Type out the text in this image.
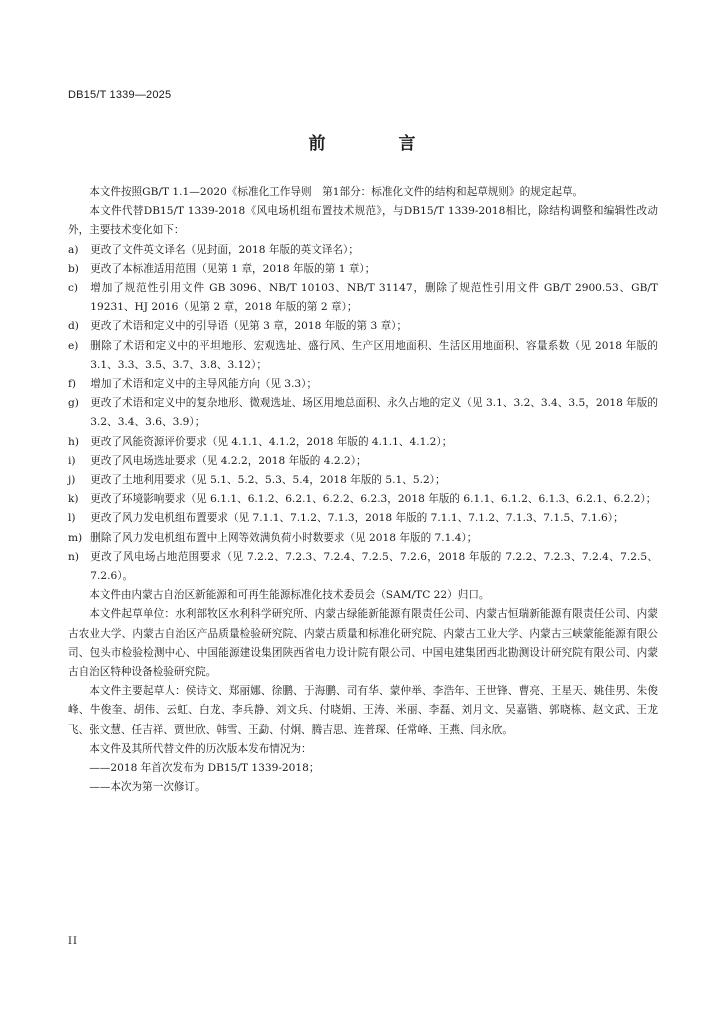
DB15/T 1339—2025
前　言

本文件按照GB/T 1.1—2020《标准化工作导则　第1部分：标准化文件的结构和起草规则》的规定起草。

本文件代替DB15/T 1339-2018《风电场机组布置技术规范》，与DB15/T 1339-2018相比，除结构调整和编辑性改动外，主要技术变化如下：

a) 更改了文件英文译名（见封面，2018 年版的英文译名）；

b) 更改了本标准适用范围（见第 1 章，2018 年版的第 1 章）；

c) 增加了规范性引用文件 GB 3096、NB/T 10103、NB/T 31147，删除了规范性引用文件 GB/T 2900.53、GB/T 19231、HJ 2016（见第 2 章，2018 年版的第 2 章）；

d) 更改了术语和定义中的引导语（见第 3 章，2018 年版的第 3 章）；

e) 删除了术语和定义中的平坦地形、宏观选址、盛行风、生产区用地面积、生活区用地面积、容量系数（见 2018 年版的 3.1、3.3、3.5、3.7、3.8、3.12）；

f) 增加了术语和定义中的主导风能方向（见 3.3）；

g) 更改了术语和定义中的复杂地形、微观选址、场区用地总面积、永久占地的定义（见 3.1、3.2、3.4、3.5，2018 年版的 3.2、3.4、3.6、3.9）；

h) 更改了风能资源评价要求（见 4.1.1、4.1.2，2018 年版的 4.1.1、4.1.2）；

i) 更改了风电场选址要求（见 4.2.2，2018 年版的 4.2.2）；

j) 更改了土地利用要求（见 5.1、5.2、5.3、5.4，2018 年版的 5.1、5.2）；

k) 更改了环境影响要求（见 6.1.1、6.1.2、6.2.1、6.2.2、6.2.3，2018 年版的 6.1.1、6.1.2、6.1.3、6.2.1、6.2.2）；

l) 更改了风力发电机组布置要求（见 7.1.1、7.1.2、7.1.3，2018 年版的 7.1.1、7.1.2、7.1.3、7.1.5、7.1.6）；

m) 删除了风力发电机组布置中上网等效满负荷小时数要求（见 2018 年版的 7.1.4）；

n) 更改了风电场占地范围要求（见 7.2.2、7.2.3、7.2.4、7.2.5、7.2.6，2018 年版的 7.2.2、7.2.3、7.2.4、7.2.5、7.2.6）。

本文件由内蒙古自治区新能源和可再生能源标准化技术委员会（SAM/TC 22）归口。

本文件起草单位：水利部牧区水利科学研究所、内蒙古绿能新能源有限责任公司、内蒙古恒瑞新能源有限责任公司、内蒙古农业大学、内蒙古自治区产品质量检验研究院、内蒙古质量和标准化研究院、内蒙古工业大学、内蒙古三峡蒙能能源有限公司、包头市检验检测中心、中国能源建设集团陕西省电力设计院有限公司、中国电建集团西北勘测设计研究院有限公司、内蒙古自治区特种设备检验研究院。

本文件主要起草人：侯诗文、郑丽娜、徐鹏、于海鹏、司有华、蒙仲举、李浩年、王世锋、曹亮、王星天、姚佳男、朱俊峰、牛俊奎、胡伟、云虹、白龙、李兵静、刘文兵、付晓娟、王涛、米丽、李磊、刘月文、吴嘉锴、郭晓栋、赵文武、王龙飞、张文慧、任吉祥、贾世欣、韩雪、王勐、付炯、腾吉思、连普琛、任常峰、王燕、闫永欣。

本文件及其所代替文件的历次版本发布情况为：

——2018 年首次发布为 DB15/T 1339-2018；

——本次为第一次修订。

II
